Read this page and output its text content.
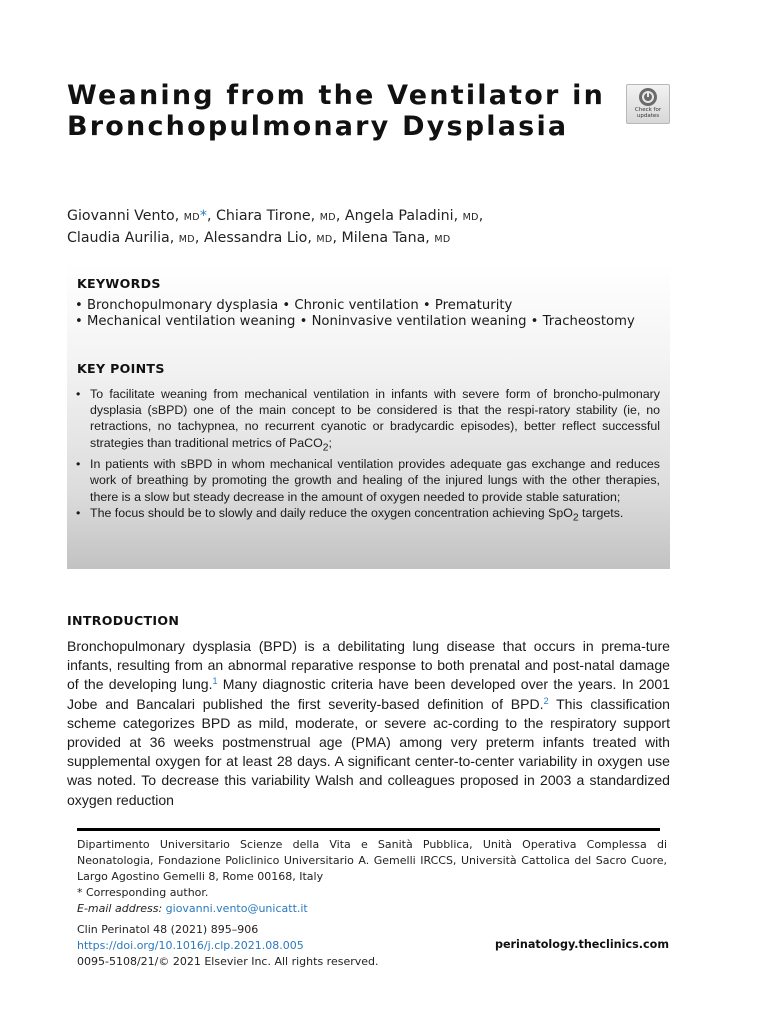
Weaning from the Ventilator in Bronchopulmonary Dysplasia
Check for
updates
Giovanni Vento, MD*, Chiara Tirone, MD, Angela Paladini, MD,
Claudia Aurilia, MD, Alessandra Lio, MD, Milena Tana, MD
KEYWORDS
• Bronchopulmonary dysplasia • Chronic ventilation • Prematurity
• Mechanical ventilation weaning • Noninvasive ventilation weaning • Tracheostomy
KEY POINTS
• To facilitate weaning from mechanical ventilation in infants with severe form of broncho-pulmonary dysplasia (sBPD) one of the main concept to be considered is that the respi-ratory stability (ie, no retractions, no tachypnea, no recurrent cyanotic or bradycardic episodes), better reflect successful strategies than traditional metrics of PaCO$_2$;
• In patients with sBPD in whom mechanical ventilation provides adequate gas exchange and reduces work of breathing by promoting the growth and healing of the injured lungs with the other therapies, there is a slow but steady decrease in the amount of oxygen needed to provide stable saturation;
• The focus should be to slowly and daily reduce the oxygen concentration achieving SpO$_2$ targets.
INTRODUCTION

Bronchopulmonary dysplasia (BPD) is a debilitating lung disease that occurs in prema-ture infants, resulting from an abnormal reparative response to both prenatal and post-natal damage of the developing lung.$^1$ Many diagnostic criteria have been developed over the years. In 2001 Jobe and Bancalari published the first severity-based definition of BPD.$^2$ This classification scheme categorizes BPD as mild, moderate, or severe ac-cording to the respiratory support provided at 36 weeks postmenstrual age (PMA) among very preterm infants treated with supplemental oxygen for at least 28 days. A significant center-to-center variability in oxygen use was noted. To decrease this variability Walsh and colleagues proposed in 2003 a standardized oxygen reduction

Dipartimento Universitario Scienze della Vita e Sanità Pubblica, Unità Operativa Complessa di Neonatologia, Fondazione Policlinico Universitario A. Gemelli IRCCS, Università Cattolica del Sacro Cuore, Largo Agostino Gemelli 8, Rome 00168, Italy
* Corresponding author.
E-mail address: giovanni.vento@unicatt.it
Clin Perinatol 48 (2021) 895–906
https://doi.org/10.1016/j.clp.2021.08.005
0095-5108/21/© 2021 Elsevier Inc. All rights reserved.
perinatology.theclinics.com
